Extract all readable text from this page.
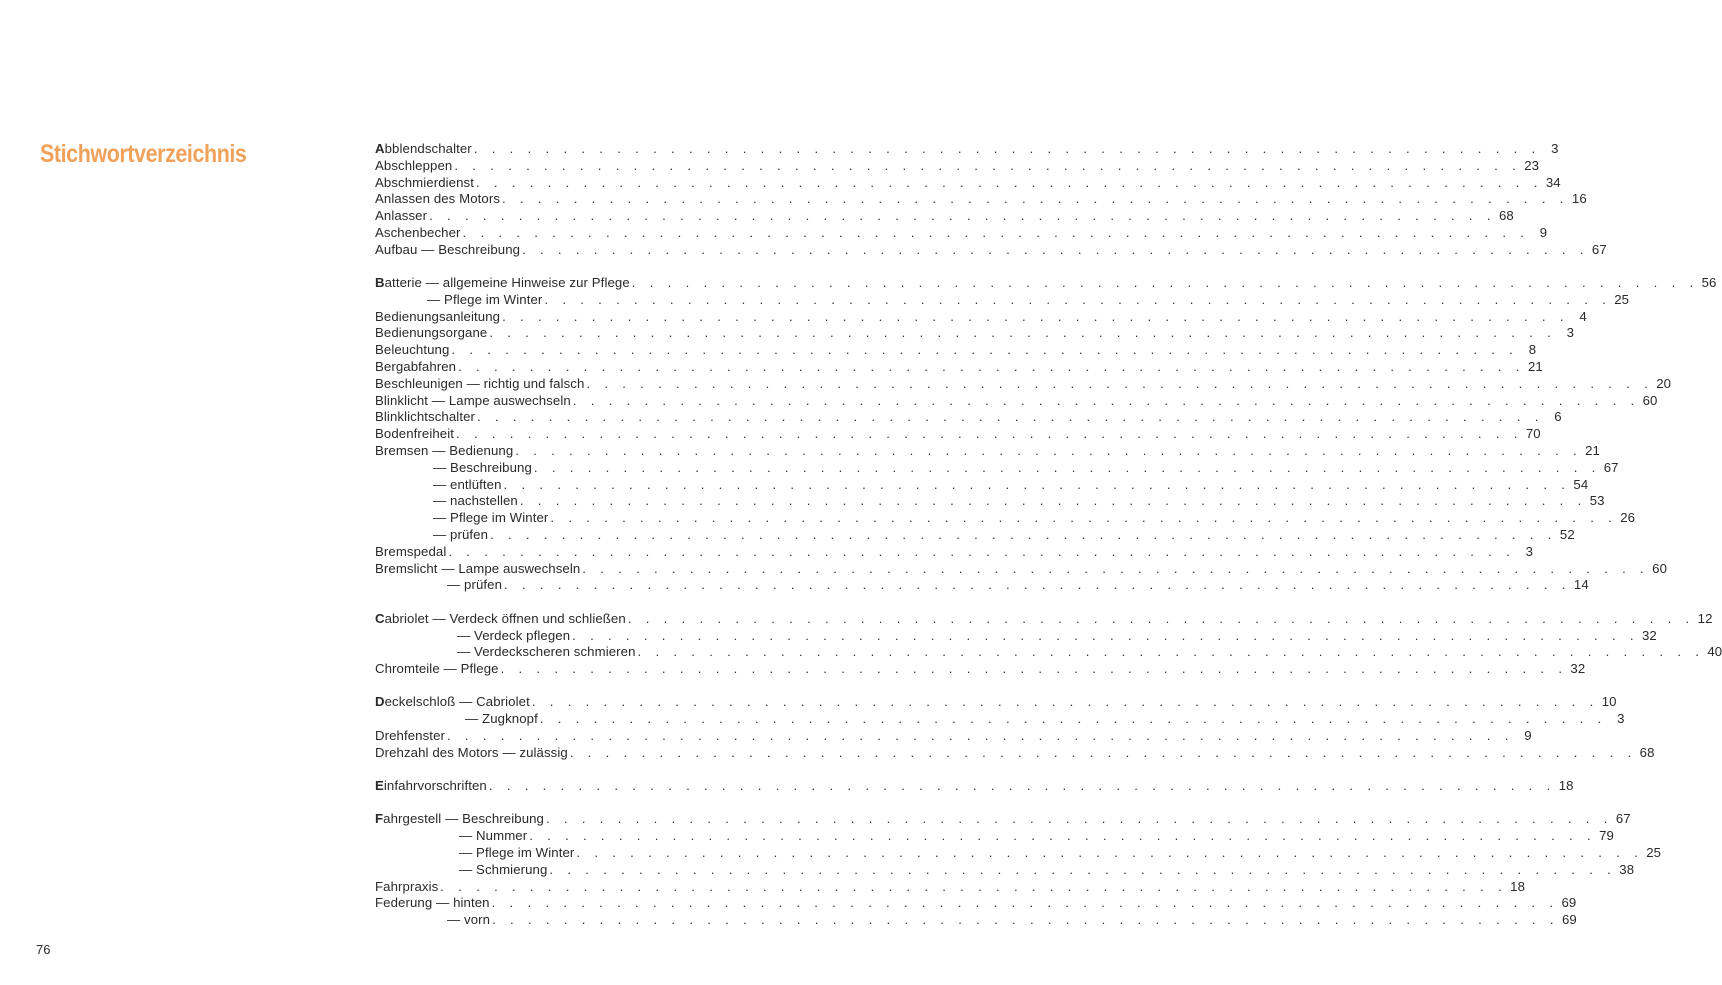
Stichwortverzeichnis	Abblendschalter . . . . . . . . . . . . . . . . . . . . . . . . . . . . . . . . . . . . . . . . . . . . . . . . . . . . . . . . . . . . 3
Abschleppen . . . . . . . . . . . . . . . . . . . . . . . . . . . . . . . . . . . . . . . . . . . . . . . . . . . . . . . . . . . . 23
Abschmierdienst . . . . . . . . . . . . . . . . . . . . . . . . . . . . . . . . . . . . . . . . . . . . . . . . . . . . . . . . . . . . 34
Anlassen des Motors . . . . . . . . . . . . . . . . . . . . . . . . . . . . . . . . . . . . . . . . . . . . . . . . . . . . . . . . . . . . 16
Anlasser . . . . . . . . . . . . . . . . . . . . . . . . . . . . . . . . . . . . . . . . . . . . . . . . . . . . . . . . . . . . 68
Aschenbecher . . . . . . . . . . . . . . . . . . . . . . . . . . . . . . . . . . . . . . . . . . . . . . . . . . . . . . . . . . . . 9
Aufbau — Beschreibung . . . . . . . . . . . . . . . . . . . . . . . . . . . . . . . . . . . . . . . . . . . . . . . . . . . . . . . . . . . . 67
Batterie — allgemeine Hinweise zur Pflege . . . . . . . . . . . . . . . . . . . . . . . . . . . . . . . . . . . . . . . . . . . . . . . . . . . . . . . . . . . . 56
— Pflege im Winter . . . . . . . . . . . . . . . . . . . . . . . . . . . . . . . . . . . . . . . . . . . . . . . . . . . . . . . . . . . . 25
Bedienungsanleitung . . . . . . . . . . . . . . . . . . . . . . . . . . . . . . . . . . . . . . . . . . . . . . . . . . . . . . . . . . . . 4
Bedienungsorgane . . . . . . . . . . . . . . . . . . . . . . . . . . . . . . . . . . . . . . . . . . . . . . . . . . . . . . . . . . . . 3
Beleuchtung . . . . . . . . . . . . . . . . . . . . . . . . . . . . . . . . . . . . . . . . . . . . . . . . . . . . . . . . . . . . 8
Bergabfahren . . . . . . . . . . . . . . . . . . . . . . . . . . . . . . . . . . . . . . . . . . . . . . . . . . . . . . . . . . . . 21
Beschleunigen — richtig und falsch . . . . . . . . . . . . . . . . . . . . . . . . . . . . . . . . . . . . . . . . . . . . . . . . . . . . . . . . . . . . 20
Blinklicht — Lampe auswechseln . . . . . . . . . . . . . . . . . . . . . . . . . . . . . . . . . . . . . . . . . . . . . . . . . . . . . . . . . . . . 60
Blinklichtschalter . . . . . . . . . . . . . . . . . . . . . . . . . . . . . . . . . . . . . . . . . . . . . . . . . . . . . . . . . . . . 6
Bodenfreiheit . . . . . . . . . . . . . . . . . . . . . . . . . . . . . . . . . . . . . . . . . . . . . . . . . . . . . . . . . . . . 70
Bremsen — Bedienung . . . . . . . . . . . . . . . . . . . . . . . . . . . . . . . . . . . . . . . . . . . . . . . . . . . . . . . . . . . . 21
— Beschreibung . . . . . . . . . . . . . . . . . . . . . . . . . . . . . . . . . . . . . . . . . . . . . . . . . . . . . . . . . . . . 67
— entlüften . . . . . . . . . . . . . . . . . . . . . . . . . . . . . . . . . . . . . . . . . . . . . . . . . . . . . . . . . . . . 54
— nachstellen . . . . . . . . . . . . . . . . . . . . . . . . . . . . . . . . . . . . . . . . . . . . . . . . . . . . . . . . . . . . 53
— Pflege im Winter . . . . . . . . . . . . . . . . . . . . . . . . . . . . . . . . . . . . . . . . . . . . . . . . . . . . . . . . . . . . 26
— prüfen . . . . . . . . . . . . . . . . . . . . . . . . . . . . . . . . . . . . . . . . . . . . . . . . . . . . . . . . . . . . 52
Bremspedal . . . . . . . . . . . . . . . . . . . . . . . . . . . . . . . . . . . . . . . . . . . . . . . . . . . . . . . . . . . . 3
Bremslicht — Lampe auswechseln . . . . . . . . . . . . . . . . . . . . . . . . . . . . . . . . . . . . . . . . . . . . . . . . . . . . . . . . . . . . 60
— prüfen . . . . . . . . . . . . . . . . . . . . . . . . . . . . . . . . . . . . . . . . . . . . . . . . . . . . . . . . . . . . 14
Cabriolet — Verdeck öffnen und schließen . . . . . . . . . . . . . . . . . . . . . . . . . . . . . . . . . . . . . . . . . . . . . . . . . . . . . . . . . . . . 12
— Verdeck pflegen . . . . . . . . . . . . . . . . . . . . . . . . . . . . . . . . . . . . . . . . . . . . . . . . . . . . . . . . . . . . 32
— Verdeckscheren schmieren . . . . . . . . . . . . . . . . . . . . . . . . . . . . . . . . . . . . . . . . . . . . . . . . . . . . . . . . . . . . 40
Chromteile — Pflege . . . . . . . . . . . . . . . . . . . . . . . . . . . . . . . . . . . . . . . . . . . . . . . . . . . . . . . . . . . . 32
Deckelschloß — Cabriolet . . . . . . . . . . . . . . . . . . . . . . . . . . . . . . . . . . . . . . . . . . . . . . . . . . . . . . . . . . . . 10
— Zugknopf . . . . . . . . . . . . . . . . . . . . . . . . . . . . . . . . . . . . . . . . . . . . . . . . . . . . . . . . . . . . 3
Drehfenster . . . . . . . . . . . . . . . . . . . . . . . . . . . . . . . . . . . . . . . . . . . . . . . . . . . . . . . . . . . . 9
Drehzahl des Motors — zulässig . . . . . . . . . . . . . . . . . . . . . . . . . . . . . . . . . . . . . . . . . . . . . . . . . . . . . . . . . . . . 68
Einfahrvorschriften . . . . . . . . . . . . . . . . . . . . . . . . . . . . . . . . . . . . . . . . . . . . . . . . . . . . . . . . . . . . 18
Fahrgestell — Beschreibung . . . . . . . . . . . . . . . . . . . . . . . . . . . . . . . . . . . . . . . . . . . . . . . . . . . . . . . . . . . . 67
— Nummer . . . . . . . . . . . . . . . . . . . . . . . . . . . . . . . . . . . . . . . . . . . . . . . . . . . . . . . . . . . . 79
— Pflege im Winter . . . . . . . . . . . . . . . . . . . . . . . . . . . . . . . . . . . . . . . . . . . . . . . . . . . . . . . . . . . . 25
— Schmierung . . . . . . . . . . . . . . . . . . . . . . . . . . . . . . . . . . . . . . . . . . . . . . . . . . . . . . . . . . . . 38
Fahrpraxis . . . . . . . . . . . . . . . . . . . . . . . . . . . . . . . . . . . . . . . . . . . . . . . . . . . . . . . . . . . . 18
Federung — hinten . . . . . . . . . . . . . . . . . . . . . . . . . . . . . . . . . . . . . . . . . . . . . . . . . . . . . . . . . . . . 69
— vorn . . . . . . . . . . . . . . . . . . . . . . . . . . . . . . . . . . . . . . . . . . . . . . . . . . . . . . . . . . . . 69
76
